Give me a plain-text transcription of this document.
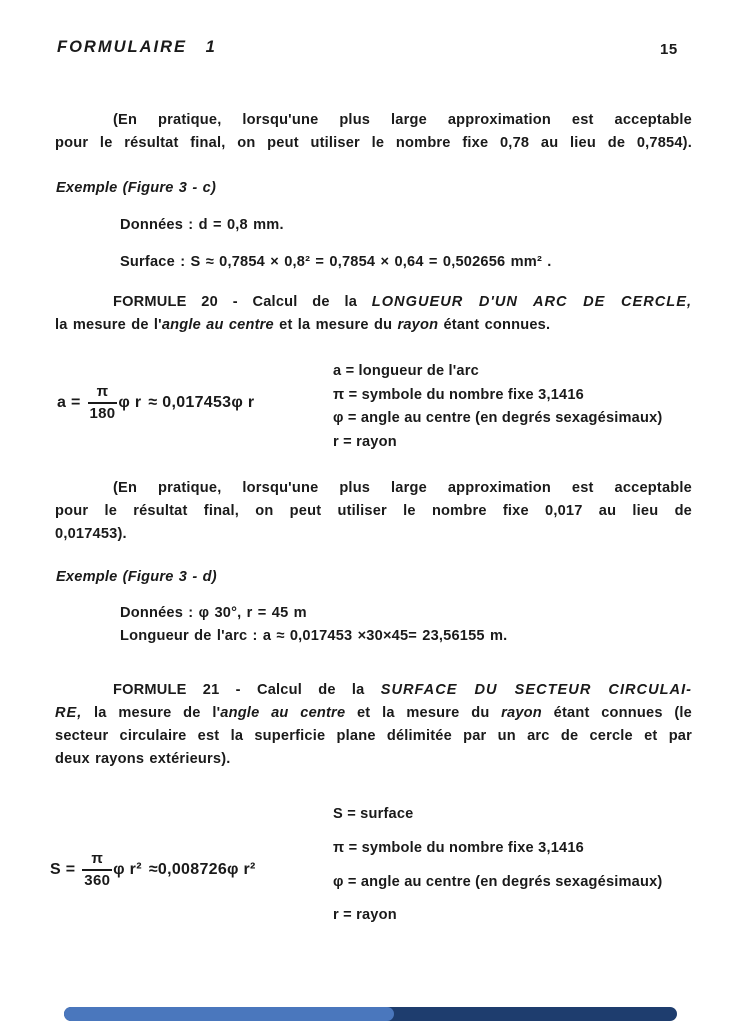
FORMULAIRE 1	15
(En pratique, lorsqu'une plus large approximation est acceptable
pour le résultat final, on peut utiliser le nombre fixe 0,78 au lieu de 0,7854).
Exemple (Figure 3 - c)
Données : d = 0,8 mm.
Surface : S ≈ 0,7854 × 0,8² = 0,7854 × 0,64 = 0,502656 mm² .
FORMULE 20 - Calcul de la LONGUEUR D'UN ARC DE CERCLE,
la mesure de l'angle au centre et la mesure du rayon étant connues.
$a = \frac{\pi}{180}$ φ r ≈ 0,017453φ r
a = longueur de l'arc
π = symbole du nombre fixe 3,1416
φ = angle au centre (en degrés sexagésimaux)
r = rayon
(En pratique, lorsqu'une plus large approximation est acceptable
pour le résultat final, on peut utiliser le nombre fixe 0,017 au lieu de
0,017453).
Exemple (Figure 3 - d)
Données : φ 30°, r = 45 m
Longueur de l'arc : a ≈ 0,017453 ×30×45= 23,56155 m.
FORMULE 21 - Calcul de la SURFACE DU SECTEUR CIRCULAI-
RE, la mesure de l'angle au centre et la mesure du rayon étant connues (le
secteur circulaire est la superficie plane délimitée par un arc de cercle et par
deux rayons extérieurs).
$S = \frac{\pi}{360}$ φ r² ≈0,008726φ r²
S = surface
π = symbole du nombre fixe 3,1416
φ = angle au centre (en degrés sexagésimaux)
r = rayon
